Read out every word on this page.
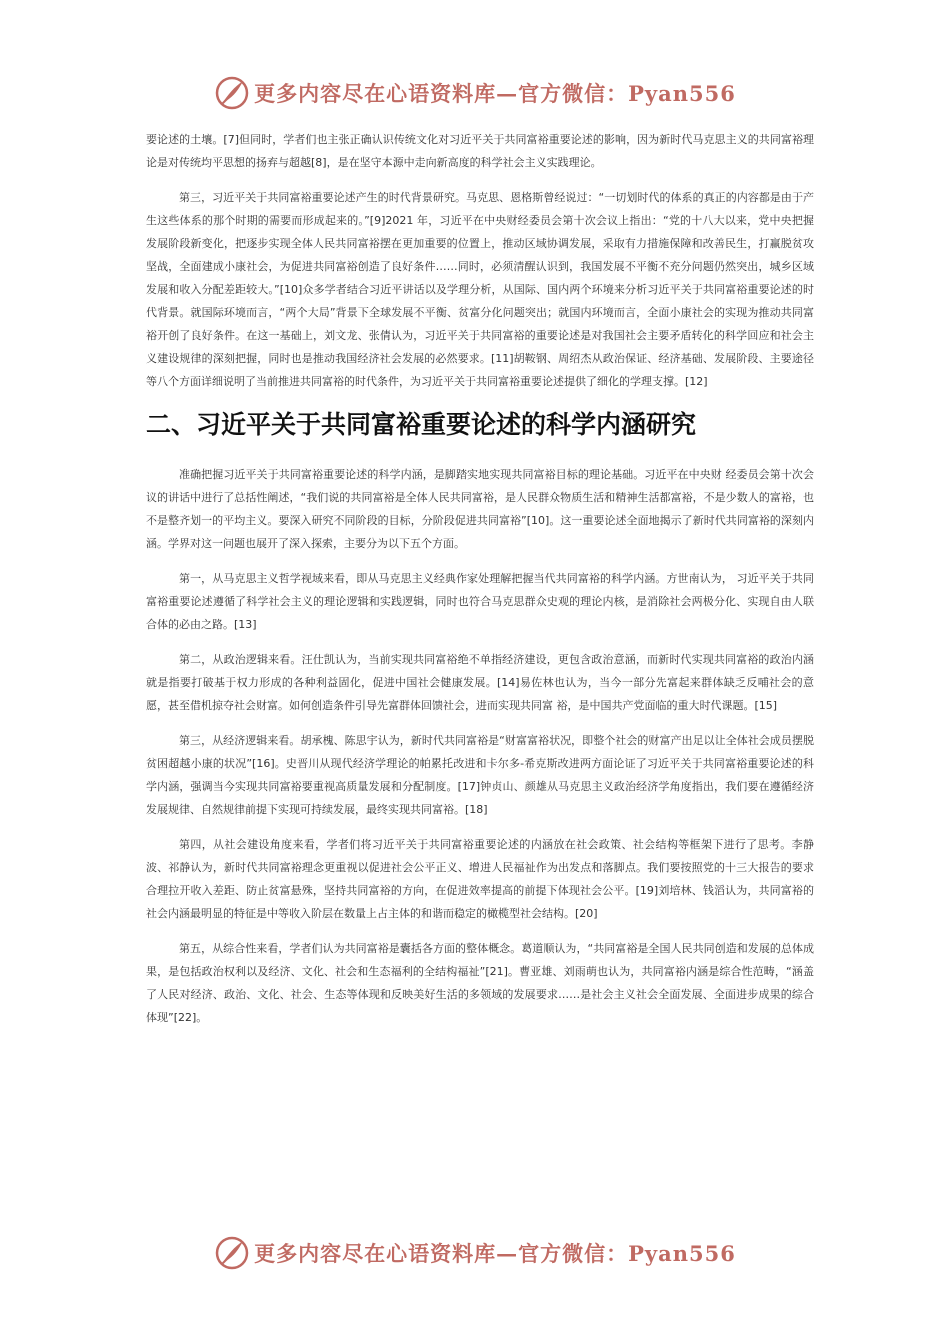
更多内容尽在心语资料库—官方微信：Pyan556

要论述的土壤。[7]但同时，学者们也主张正确认识传统文化对习近平关于共同富裕重要论述的影响，因为新时代马克思主义的共同富裕理论是对传统均平思想的扬弃与超越[8]，是在坚守本源中走向新高度的科学社会主义实践理论。

第三，习近平关于共同富裕重要论述产生的时代背景研究。马克思、恩格斯曾经说过：“一切划时代的体系的真正的内容都是由于产生这些体系的那个时期的需要而形成起来的。”[9]2021 年，习近平在中央财经委员会第十次会议上指出：“党的十八大以来，党中央把握发展阶段新变化，把逐步实现全体人民共同富裕摆在更加重要的位置上，推动区域协调发展，采取有力措施保障和改善民生，打赢脱贫攻坚战，全面建成小康社会，为促进共同富裕创造了良好条件……同时，必须清醒认识到，我国发展不平衡不充分问题仍然突出，城乡区域发展和收入分配差距较大。”[10]众多学者结合习近平讲话以及学理分析，从国际、国内两个环境来分析习近平关于共同富裕重要论述的时代背景。就国际环境而言，“两个大局”背景下全球发展不平衡、贫富分化问题突出；就国内环境而言，全面小康社会的实现为推动共同富裕开创了良好条件。在这一基础上，刘文龙、张倩认为，习近平关于共同富裕的重要论述是对我国社会主要矛盾转化的科学回应和社会主义建设规律的深刻把握，同时也是推动我国经济社会发展的必然要求。[11]胡鞍钢、周绍杰从政治保证、经济基础、发展阶段、主要途径等八个方面详细说明了当前推进共同富裕的时代条件，为习近平关于共同富裕重要论述提供了细化的学理支撑。[12]

二、习近平关于共同富裕重要论述的科学内涵研究

准确把握习近平关于共同富裕重要论述的科学内涵，是脚踏实地实现共同富裕目标的理论基础。习近平在中央财 经委员会第十次会议的讲话中进行了总括性阐述，“我们说的共同富裕是全体人民共同富裕，是人民群众物质生活和精神生活都富裕，不是少数人的富裕，也不是整齐划一的平均主义。要深入研究不同阶段的目标，分阶段促进共同富裕”[10]。这一重要论述全面地揭示了新时代共同富裕的深刻内涵。学界对这一问题也展开了深入探索，主要分为以下五个方面。

第一，从马克思主义哲学视域来看，即从马克思主义经典作家处理解把握当代共同富裕的科学内涵。方世南认为， 习近平关于共同富裕重要论述遵循了科学社会主义的理论逻辑和实践逻辑，同时也符合马克思群众史观的理论内核，是消除社会两极分化、实现自由人联合体的必由之路。[13]

第二，从政治逻辑来看。汪仕凯认为，当前实现共同富裕绝不单指经济建设，更包含政治意涵，而新时代实现共同富裕的政治内涵就是指要打破基于权力形成的各种利益固化，促进中国社会健康发展。[14]易佐林也认为，当今一部分先富起来群体缺乏反哺社会的意愿，甚至借机掠夺社会财富。如何创造条件引导先富群体回馈社会，进而实现共同富 裕，是中国共产党面临的重大时代课题。[15]

第三，从经济逻辑来看。胡承槐、陈思宇认为，新时代共同富裕是“财富富裕状况，即整个社会的财富产出足以让全体社会成员摆脱贫困超越小康的状况”[16]。史晋川从现代经济学理论的帕累托改进和卡尔多-希克斯改进两方面论证了习近平关于共同富裕重要论述的科学内涵，强调当今实现共同富裕要重视高质量发展和分配制度。[17]钟贞山、颜雄从马克思主义政治经济学角度指出，我们要在遵循经济发展规律、自然规律前提下实现可持续发展，最终实现共同富裕。[18]

第四，从社会建设角度来看，学者们将习近平关于共同富裕重要论述的内涵放在社会政策、社会结构等框架下进行了思考。李静波、祁静认为，新时代共同富裕理念更重视以促进社会公平正义、增进人民福祉作为出发点和落脚点。我们要按照党的十三大报告的要求合理拉开收入差距、防止贫富悬殊，坚持共同富裕的方向，在促进效率提高的前提下体现社会公平。[19]刘培林、钱滔认为，共同富裕的社会内涵最明显的特征是中等收入阶层在数量上占主体的和谐而稳定的橄榄型社会结构。[20]

第五，从综合性来看，学者们认为共同富裕是囊括各方面的整体概念。葛道顺认为，“共同富裕是全国人民共同创造和发展的总体成果，是包括政治权利以及经济、文化、社会和生态福利的全结构福祉”[21]。曹亚雄、刘雨萌也认为，共同富裕内涵是综合性范畴，“涵盖了人民对经济、政治、文化、社会、生态等体现和反映美好生活的多领域的发展要求……是社会主义社会全面发展、全面进步成果的综合体现”[22]。

更多内容尽在心语资料库—官方微信：Pyan556
